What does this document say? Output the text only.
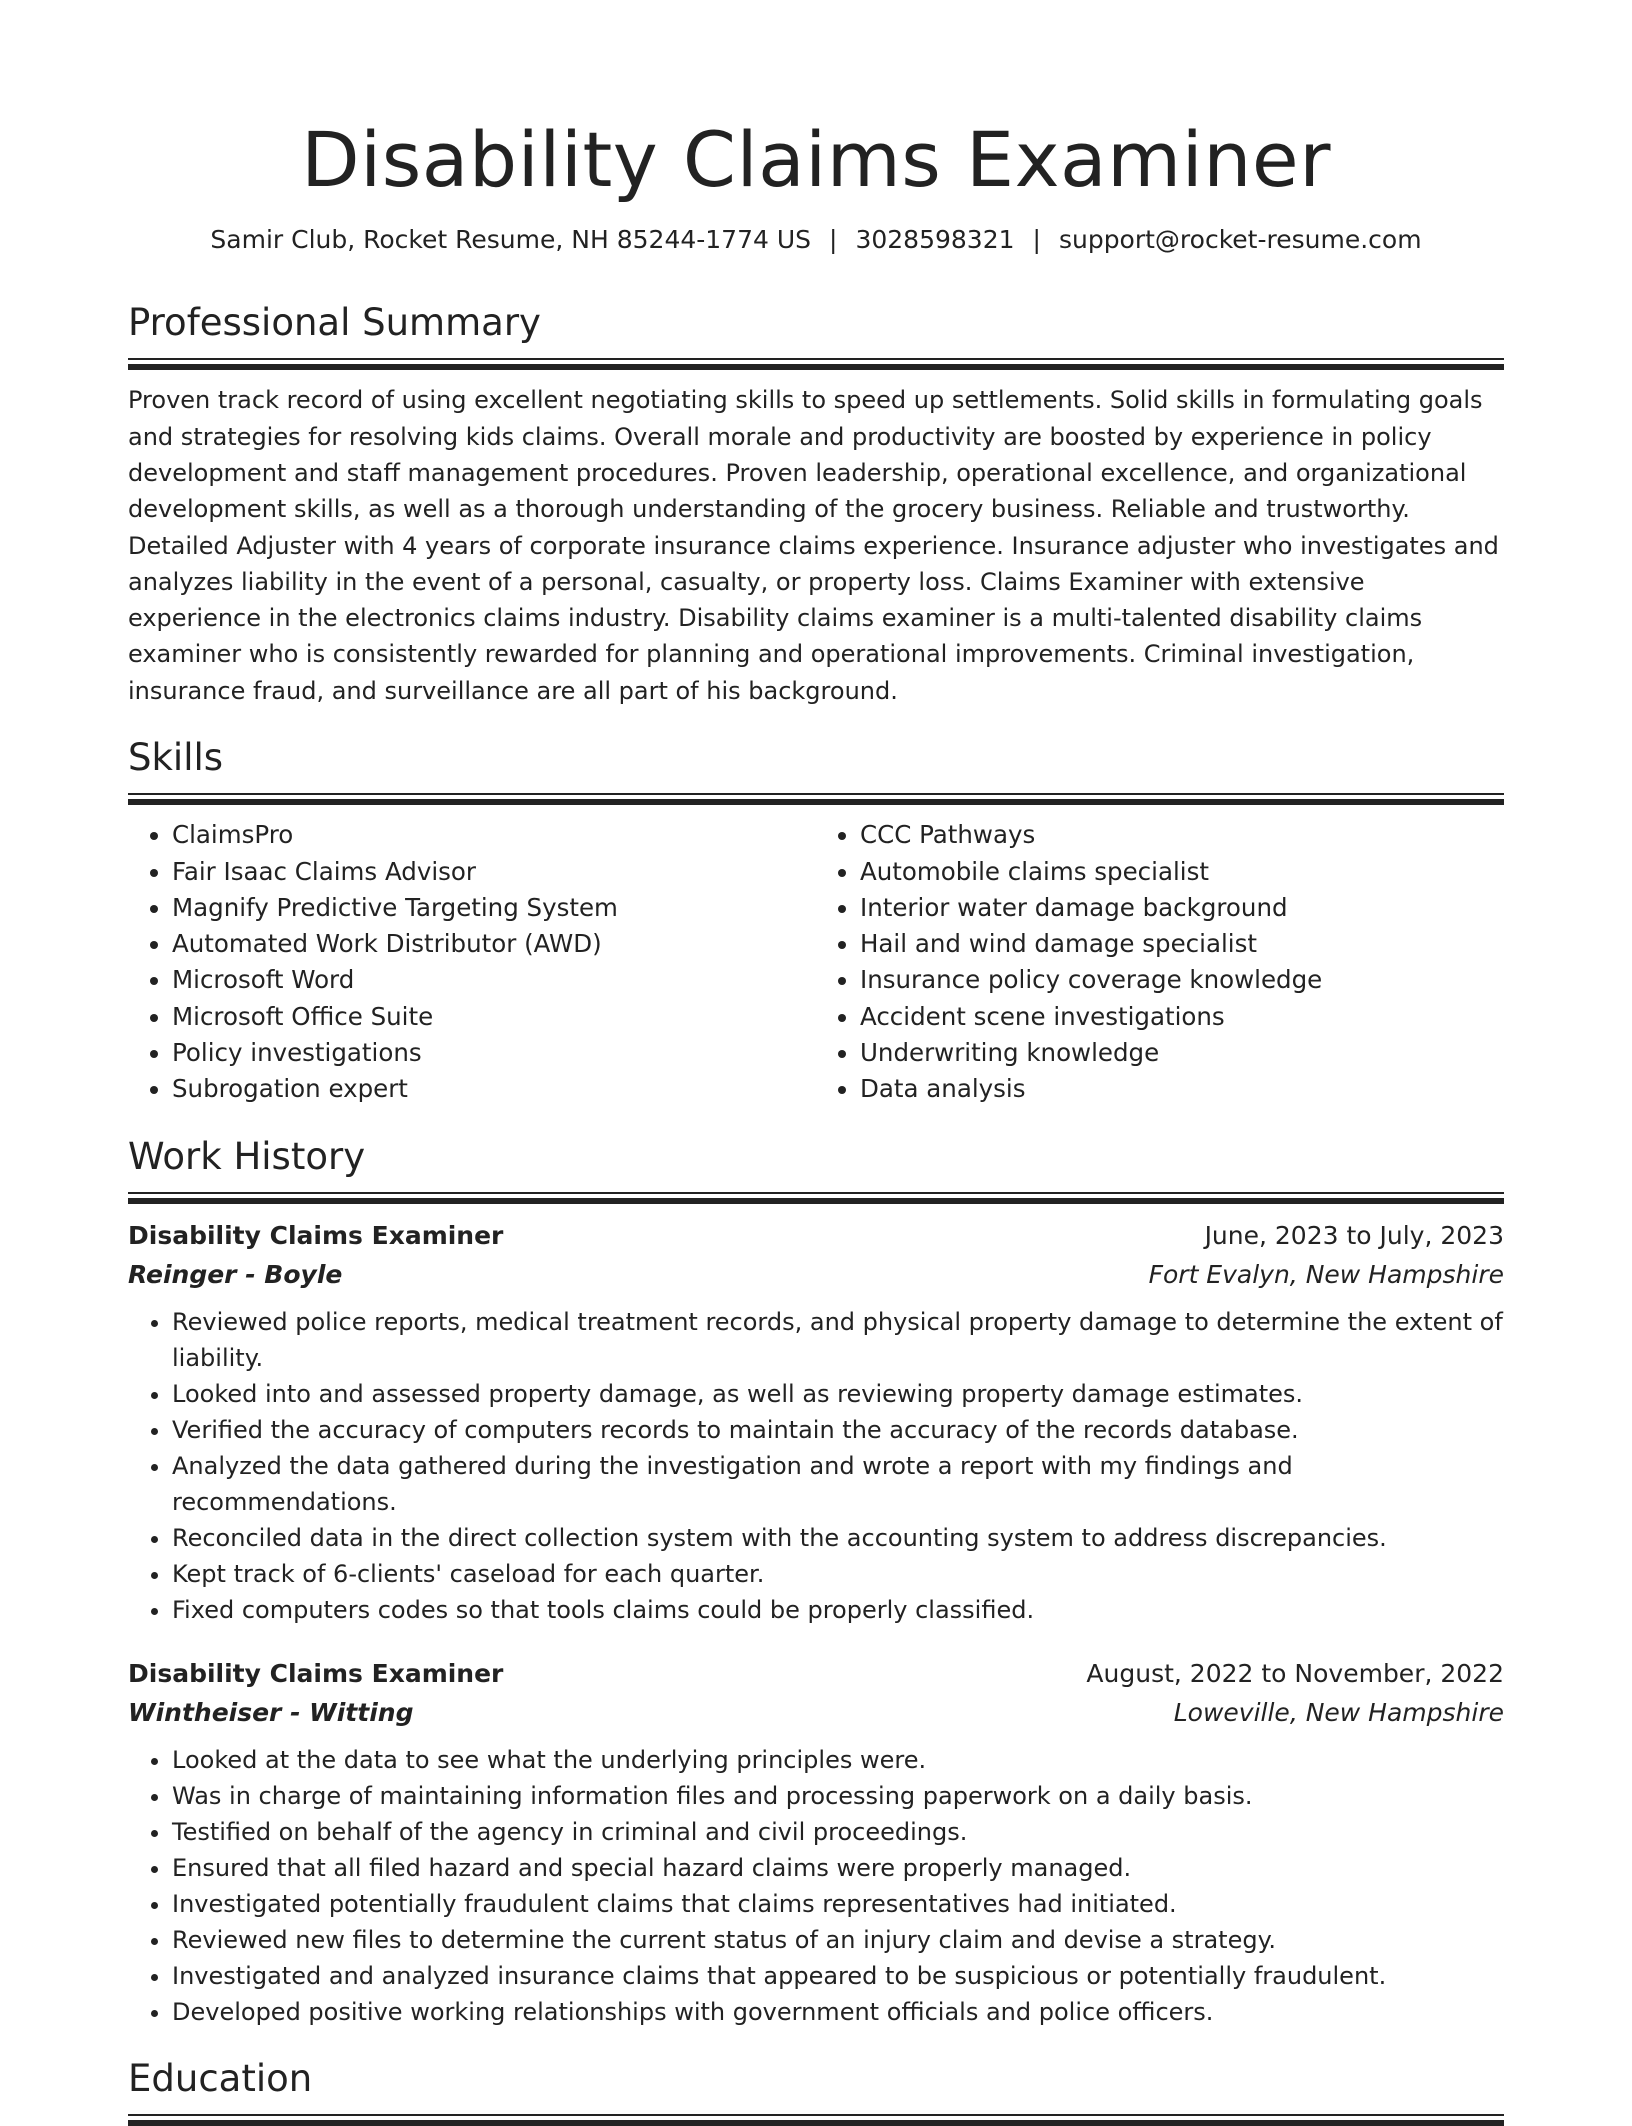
Disability Claims Examiner
Samir Club, Rocket Resume, NH 85244-1774 US | 3028598321 | support@rocket-resume.com
Professional Summary

Proven track record of using excellent negotiating skills to speed up settlements. Solid skills in formulating goals and strategies for resolving kids claims. Overall morale and productivity are boosted by experience in policy development and staff management procedures. Proven leadership, operational excellence, and organizational development skills, as well as a thorough understanding of the grocery business. Reliable and trustworthy. Detailed Adjuster with 4 years of corporate insurance claims experience. Insurance adjuster who investigates and analyzes liability in the event of a personal, casualty, or property loss. Claims Examiner with extensive experience in the electronics claims industry. Disability claims examiner is a multi-talented disability claims examiner who is consistently rewarded for planning and operational improvements. Criminal investigation, insurance fraud, and surveillance are all part of his background.

Skills
• ClaimsPro
• Fair Isaac Claims Advisor
• Magnify Predictive Targeting System
• Automated Work Distributor (AWD)
• Microsoft Word
• Microsoft Office Suite
• Policy investigations
• Subrogation expert
• CCC Pathways
• Automobile claims specialist
• Interior water damage background
• Hail and wind damage specialist
• Insurance policy coverage knowledge
• Accident scene investigations
• Underwriting knowledge
• Data analysis
Work History
Disability Claims Examiner	June, 2023 to July, 2023
Reinger - Boyle	Fort Evalyn, New Hampshire
• Reviewed police reports, medical treatment records, and physical property damage to determine the extent of liability.
• Looked into and assessed property damage, as well as reviewing property damage estimates.
• Verified the accuracy of computers records to maintain the accuracy of the records database.
• Analyzed the data gathered during the investigation and wrote a report with my findings and recommendations.
• Reconciled data in the direct collection system with the accounting system to address discrepancies.
• Kept track of 6-clients' caseload for each quarter.
• Fixed computers codes so that tools claims could be properly classified.
Disability Claims Examiner	August, 2022 to November, 2022
Wintheiser - Witting	Loweville, New Hampshire
• Looked at the data to see what the underlying principles were.
• Was in charge of maintaining information files and processing paperwork on a daily basis.
• Testified on behalf of the agency in criminal and civil proceedings.
• Ensured that all filed hazard and special hazard claims were properly managed.
• Investigated potentially fraudulent claims that claims representatives had initiated.
• Reviewed new files to determine the current status of an injury claim and devise a strategy.
• Investigated and analyzed insurance claims that appeared to be suspicious or potentially fraudulent.
• Developed positive working relationships with government officials and police officers.
Education
